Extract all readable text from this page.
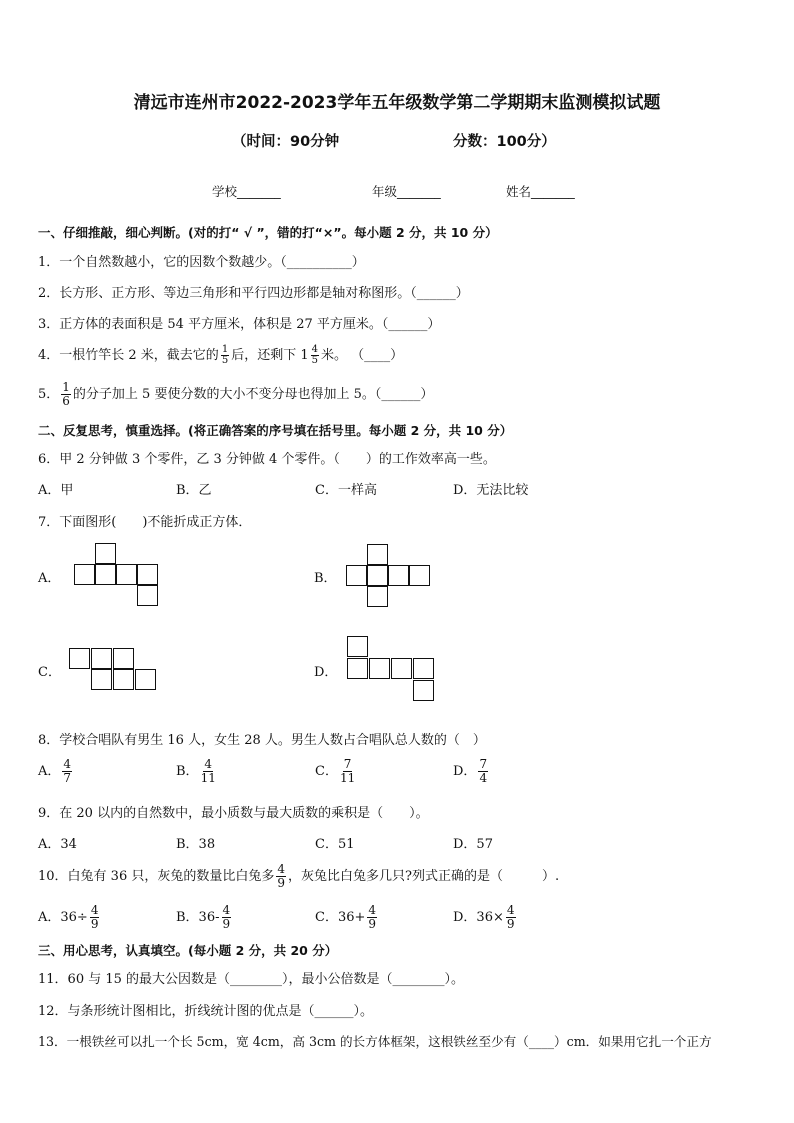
清远市连州市2022-2023学年五年级数学第二学期期末监测模拟试题
（时间：90分钟	分数：100分）
学校_______	年级_______	姓名_______
一、仔细推敲，细心判断。(对的打“ √ ”，错的打“×”。每小题 2 分，共 10 分）
1．一个自然数越小，它的因数个数越少。（__________）
2．长方形、正方形、等边三角形和平行四边形都是轴对称图形。（______）
3．正方体的表面积是 54 平方厘米，体积是 27 平方厘米。（______）
4．一根竹竿长 2 米，截去它的 $\frac{1}{5}$ 后，还剩下 $1 \frac{4}{5}$ 米。 （____）
5． $\frac{1}{6}$ 的分子加上 5 要使分数的大小不变分母也得加上 5。（______）
二、反复思考，慎重选择。(将正确答案的序号填在括号里。每小题 2 分，共 10 分）
6．甲 2 分钟做 3 个零件，乙 3 分钟做 4 个零件。（　　）的工作效率高一些。
A．甲	B．乙	C．一样高	D．无法比较
7．下面图形(　　)不能折成正方体．
A．	B．
C．	D．
8．学校合唱队有男生 16 人，女生 28 人。男生人数占合唱队总人数的（　）
A． $\frac{4}{7}$	B． $\frac{4}{11}$	C． $\frac{7}{11}$	D． $\frac{7}{4}$
9．在 20 以内的自然数中，最小质数与最大质数的乘积是（　　）。
A．34	B．38	C．51	D．57
10．白兔有 36 只，灰兔的数量比白兔多 $\frac{4}{9}$ ，灰兔比白兔多几只?列式正确的是（　　　）.
A．$36\div \frac{4}{9}$	B．$36- \frac{4}{9}$	C．$36+ \frac{4}{9}$	D．$36\times \frac{4}{9}$
三、用心思考，认真填空。(每小题 2 分，共 20 分）
11．60 与 15 的最大公因数是（________），最小公倍数是（________）。
12．与条形统计图相比，折线统计图的优点是（______）。
13．一根铁丝可以扎一个长 5cm，宽 4cm，高 3cm 的长方体框架，这根铁丝至少有（____）cm．如果用它扎一个正方
